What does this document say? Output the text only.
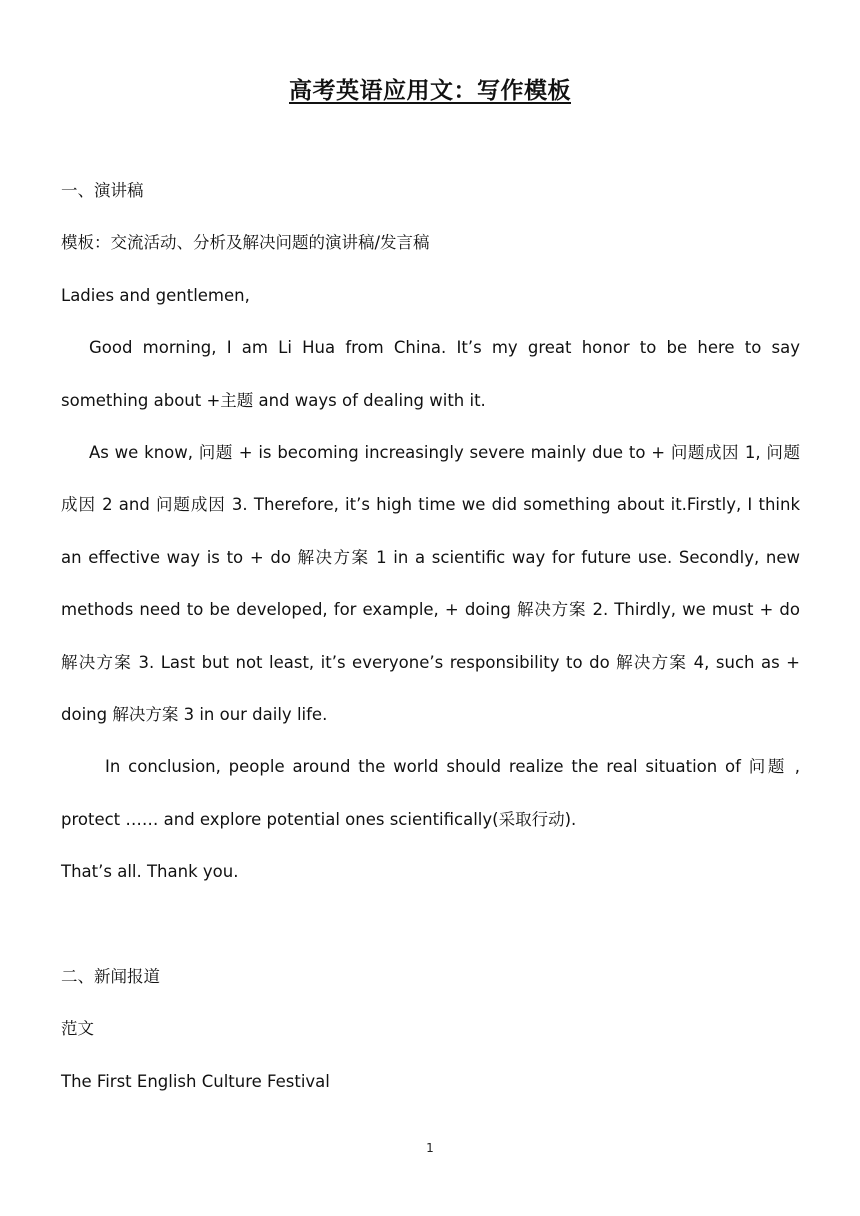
高考英语应用文：写作模板
一、演讲稿
模板：交流活动、分析及解决问题的演讲稿/发言稿
Ladies and gentlemen,

Good morning, I am Li Hua from China. It’s my great honor to be here to say something about +主题 and ways of dealing with it.

As we know, 问题 + is becoming increasingly severe mainly due to + 问题成因 1, 问题成因 2 and 问题成因 3. Therefore, it’s high time we did something about it.Firstly, I think an effective way is to + do 解决方案 1 in a scientific way for future use. Secondly, new methods need to be developed, for example, + doing 解决方案 2. Thirdly, we must + do 解决方案 3. Last but not least, it’s everyone’s responsibility to do 解决方案 4, such as + doing 解决方案 3 in our daily life.

In conclusion, people around the world should realize the real situation of 问题 , protect …… and explore potential ones scientifically(采取行动).

That’s all. Thank you.
二、新闻报道
范文
The First English Culture Festival
1
